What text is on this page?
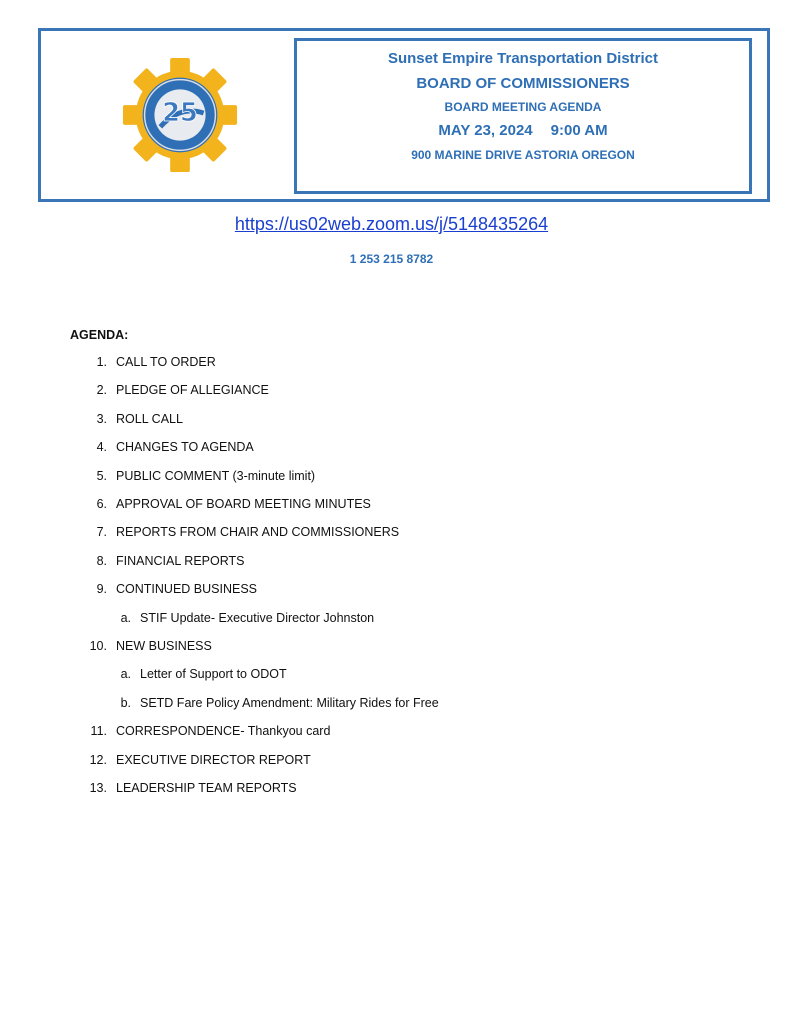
25
Sunset Empire Transportation District
BOARD OF COMMISSIONERS
BOARD MEETING AGENDA
MAY 23, 2024 9:00 AM
900 MARINE DRIVE ASTORIA OREGON
https://us02web.zoom.us/j/5148435264
1 253 215 8782
AGENDA:
1. CALL TO ORDER
2. PLEDGE OF ALLEGIANCE
3. ROLL CALL
4. CHANGES TO AGENDA
5. PUBLIC COMMENT (3-minute limit)
6. APPROVAL OF BOARD MEETING MINUTES
7. REPORTS FROM CHAIR AND COMMISSIONERS
8. FINANCIAL REPORTS
9. CONTINUED BUSINESS
a. STIF Update- Executive Director Johnston
10. NEW BUSINESS
a. Letter of Support to ODOT
b. SETD Fare Policy Amendment: Military Rides for Free
11. CORRESPONDENCE- Thankyou card
12. EXECUTIVE DIRECTOR REPORT
13. LEADERSHIP TEAM REPORTS
